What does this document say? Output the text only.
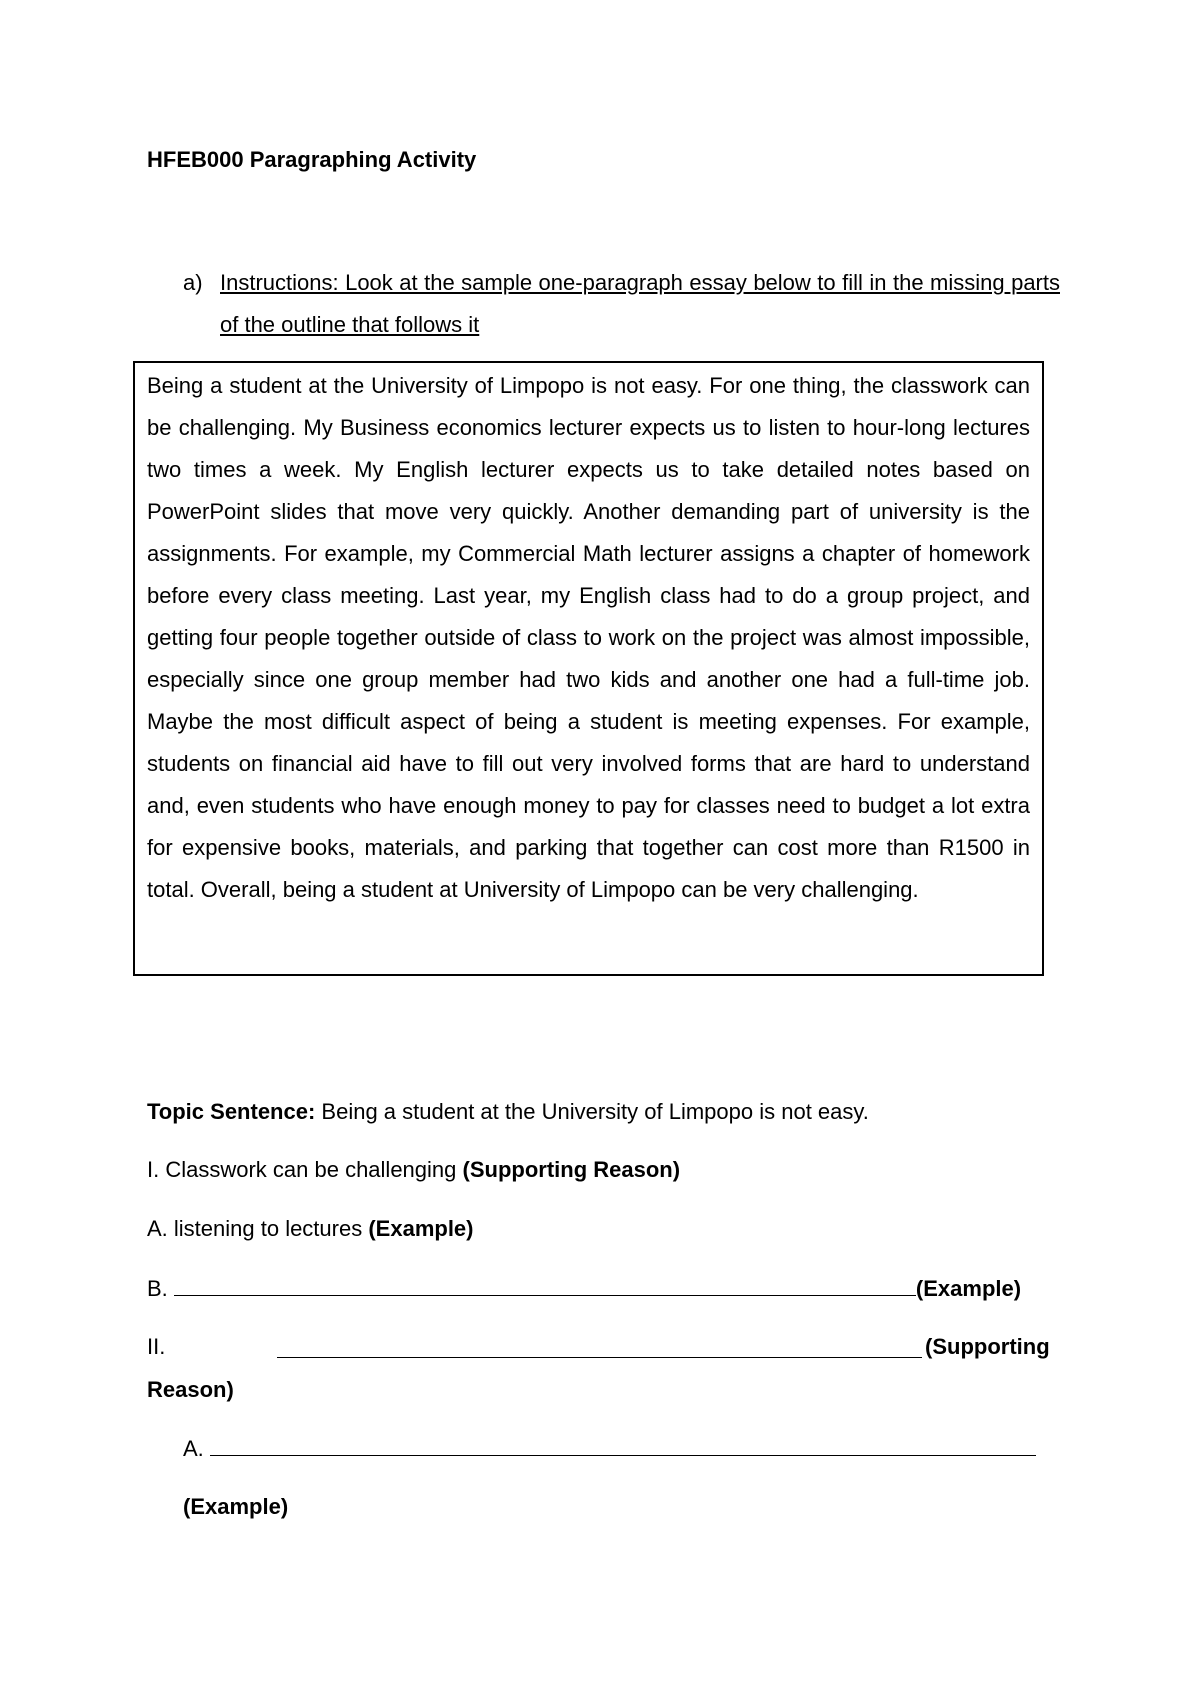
HFEB000 Paragraphing Activity
a) Instructions: Look at the sample one-paragraph essay below to fill in the missing parts of the outline that follows it

Being a student at the University of Limpopo is not easy. For one thing, the classwork can be challenging. My Business economics lecturer expects us to listen to hour-long lectures two times a week. My English lecturer expects us to take detailed notes based on PowerPoint slides that move very quickly. Another demanding part of university is the assignments. For example, my Commercial Math lecturer assigns a chapter of homework before every class meeting. Last year, my English class had to do a group project, and getting four people together outside of class to work on the project was almost impossible, especially since one group member had two kids and another one had a full-time job. Maybe the most difficult aspect of being a student is meeting expenses. For example, students on financial aid have to fill out very involved forms that are hard to understand and, even students who have enough money to pay for classes need to budget a lot extra for expensive books, materials, and parking that together can cost more than R1500 in total. Overall, being a student at University of Limpopo can be very challenging.

Topic Sentence: Being a student at the University of Limpopo is not easy.
I. Classwork can be challenging (Supporting Reason)
A. listening to lectures (Example)
B.	(Example)
II.	(Supporting
Reason)
A.
(Example)
